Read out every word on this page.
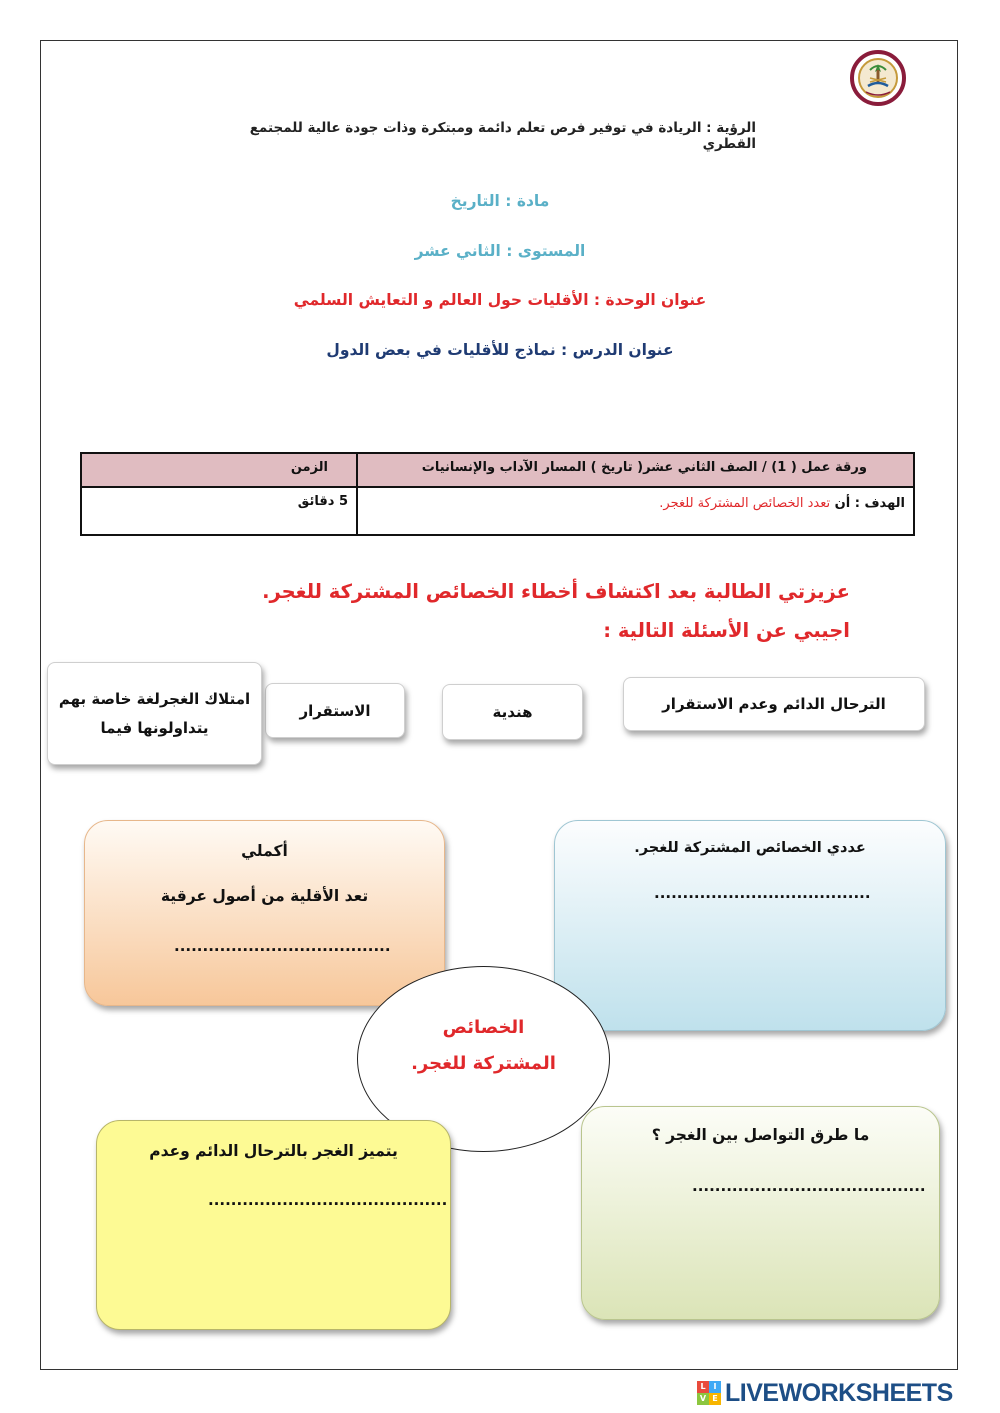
الرؤية : الريادة في توفير فرص تعلم دائمة ومبتكرة وذات جودة عالية للمجتمع القطري
مادة : التاريخ
المستوى : الثاني عشر
عنوان الوحدة : الأقليات حول العالم و التعايش السلمي
عنوان الدرس : نماذج للأقليات في بعض الدول
ورقة عمل ( 1) / الصف الثاني عشر( تاريخ ) المسار الآداب والإنسانيات
الزمن
الهدف : أن تعدد الخصائص المشتركة للغجر.
5 دقائق
عزيزتي الطالبة بعد اكتشاف أخطاء الخصائص المشتركة للغجر.
اجيبي عن الأسئلة التالية :
الترحال الدائم وعدم الاستقرار
هندية
الاستقرار
امتلاك الغجرلغة خاصة بهم يتداولونها فيما
أكملي
تعد الأقلية من أصول عرقية
......................................
عددي الخصائص المشتركة للغجر.
......................................
الخصائص
المشتركة للغجر.
يتميز الغجر بالترحال الدائم وعدم
..........................................
ما طرق التواصل بين الغجر ؟
.........................................
L I
V E LIVEWORKSHEETS
